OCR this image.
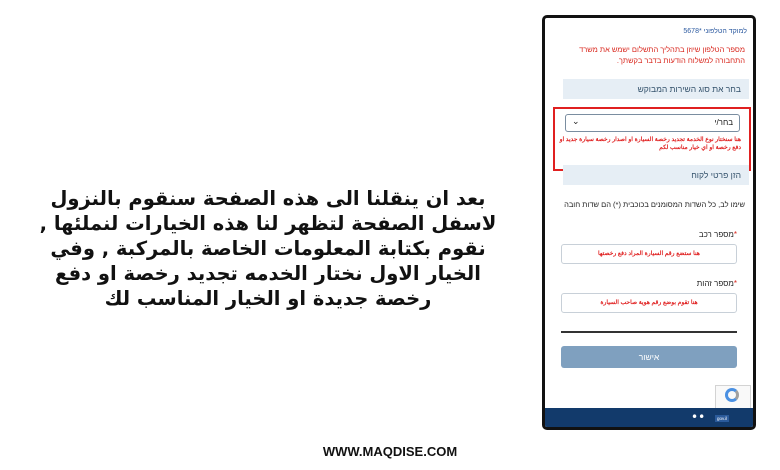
بعد ان ينقلنا الى هذه الصفحة سنقوم بالنزول
لاسفل الصفحة لتظهر لنا هذه الخيارات لنملئها ,
نقوم بكتابة المعلومات الخاصة بالمركبة , وفي
الخيار الاول نختار الخدمه تجديد رخصة او دفع
رخصة جديدة او الخيار المناسب لك
למוקד הטלפוני *5678
מספר הטלפון שיוזן בתהליך התשלום ישמש את משרד התחבורה למשלוח הודעות בדבר בקשתך.
בחר את סוג השירות המבוקש
בחר/י
⌄
هنا سنختار نوع الخدمة تجديد رخصة السيارة او اصدار رخصة سيارة جديد او دفع رخصة او اي خيار مناسب لكم
הזן פרטי לקוח
שימו לב, כל השדות המסומנים בכוכבית (*) הם שדות חובה
*מספר רכב
هنا ستضع رقم السيارة المراد دفع رخصتها
*מספר זהות
هنا تقوم بوضع رقم هوية صاحب السيارة
אישור
••	gov.il
WWW.MAQDISE.COM
